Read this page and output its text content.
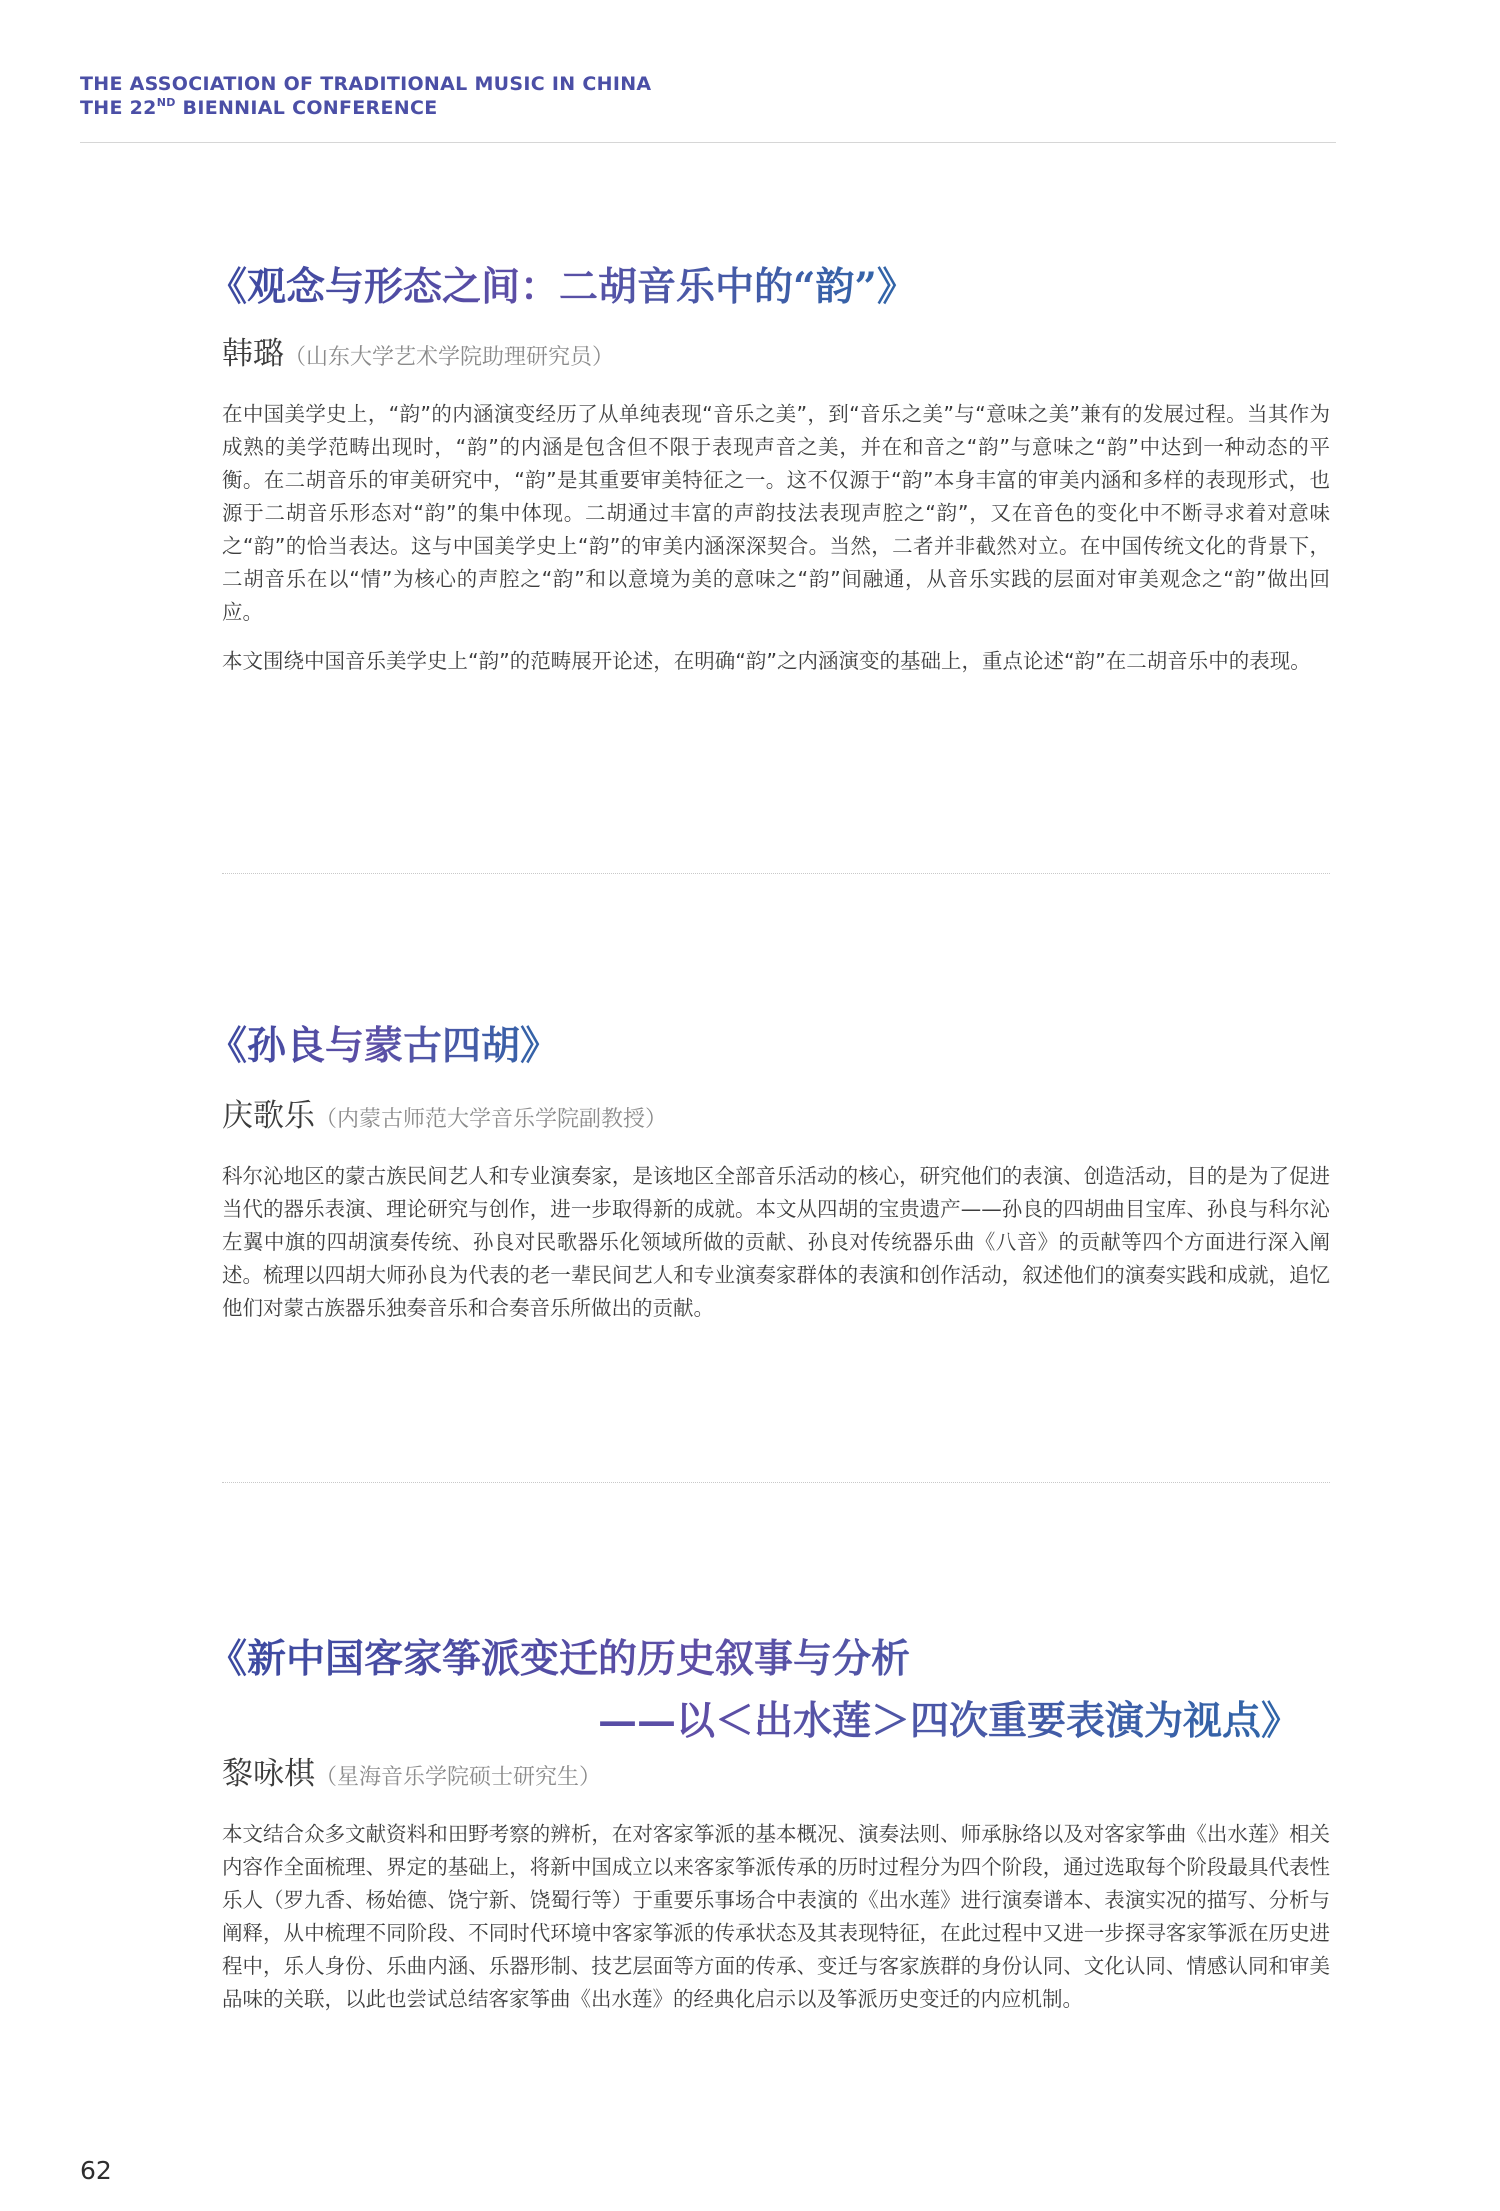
THE ASSOCIATION OF TRADITIONAL MUSIC IN CHINA
THE 22ND BIENNIAL CONFERENCE
《观念与形态之间：二胡音乐中的“韵”》
韩璐（山东大学艺术学院助理研究员）

在中国美学史上，“韵”的内涵演变经历了从单纯表现“音乐之美”，到“音乐之美”与“意味之美”兼有的发展过程。当其作为成熟的美学范畴出现时，“韵”的内涵是包含但不限于表现声音之美，并在和音之“韵”与意味之“韵”中达到一种动态的平衡。在二胡音乐的审美研究中，“韵”是其重要审美特征之一。这不仅源于“韵”本身丰富的审美内涵和多样的表现形式，也源于二胡音乐形态对“韵”的集中体现。二胡通过丰富的声韵技法表现声腔之“韵”，又在音色的变化中不断寻求着对意味之“韵”的恰当表达。这与中国美学史上“韵”的审美内涵深深契合。当然，二者并非截然对立。在中国传统文化的背景下，二胡音乐在以“情”为核心的声腔之“韵”和以意境为美的意味之“韵”间融通，从音乐实践的层面对审美观念之“韵”做出回应。

本文围绕中国音乐美学史上“韵”的范畴展开论述，在明确“韵”之内涵演变的基础上，重点论述“韵”在二胡音乐中的表现。

《孙良与蒙古四胡》
庆歌乐（内蒙古师范大学音乐学院副教授）

科尔沁地区的蒙古族民间艺人和专业演奏家，是该地区全部音乐活动的核心，研究他们的表演、创造活动，目的是为了促进当代的器乐表演、理论研究与创作，进一步取得新的成就。本文从四胡的宝贵遗产——孙良的四胡曲目宝库、孙良与科尔沁左翼中旗的四胡演奏传统、孙良对民歌器乐化领域所做的贡献、孙良对传统器乐曲《八音》的贡献等四个方面进行深入阐述。梳理以四胡大师孙良为代表的老一辈民间艺人和专业演奏家群体的表演和创作活动，叙述他们的演奏实践和成就，追忆他们对蒙古族器乐独奏音乐和合奏音乐所做出的贡献。

《新中国客家筝派变迁的历史叙事与分析
——以＜出水莲＞四次重要表演为视点》
黎咏棋（星海音乐学院硕士研究生）

本文结合众多文献资料和田野考察的辨析，在对客家筝派的基本概况、演奏法则、师承脉络以及对客家筝曲《出水莲》相关内容作全面梳理、界定的基础上，将新中国成立以来客家筝派传承的历时过程分为四个阶段，通过选取每个阶段最具代表性乐人（罗九香、杨始德、饶宁新、饶蜀行等）于重要乐事场合中表演的《出水莲》进行演奏谱本、表演实况的描写、分析与阐释，从中梳理不同阶段、不同时代环境中客家筝派的传承状态及其表现特征，在此过程中又进一步探寻客家筝派在历史进程中，乐人身份、乐曲内涵、乐器形制、技艺层面等方面的传承、变迁与客家族群的身份认同、文化认同、情感认同和审美品味的关联，以此也尝试总结客家筝曲《出水莲》的经典化启示以及筝派历史变迁的内应机制。

62
